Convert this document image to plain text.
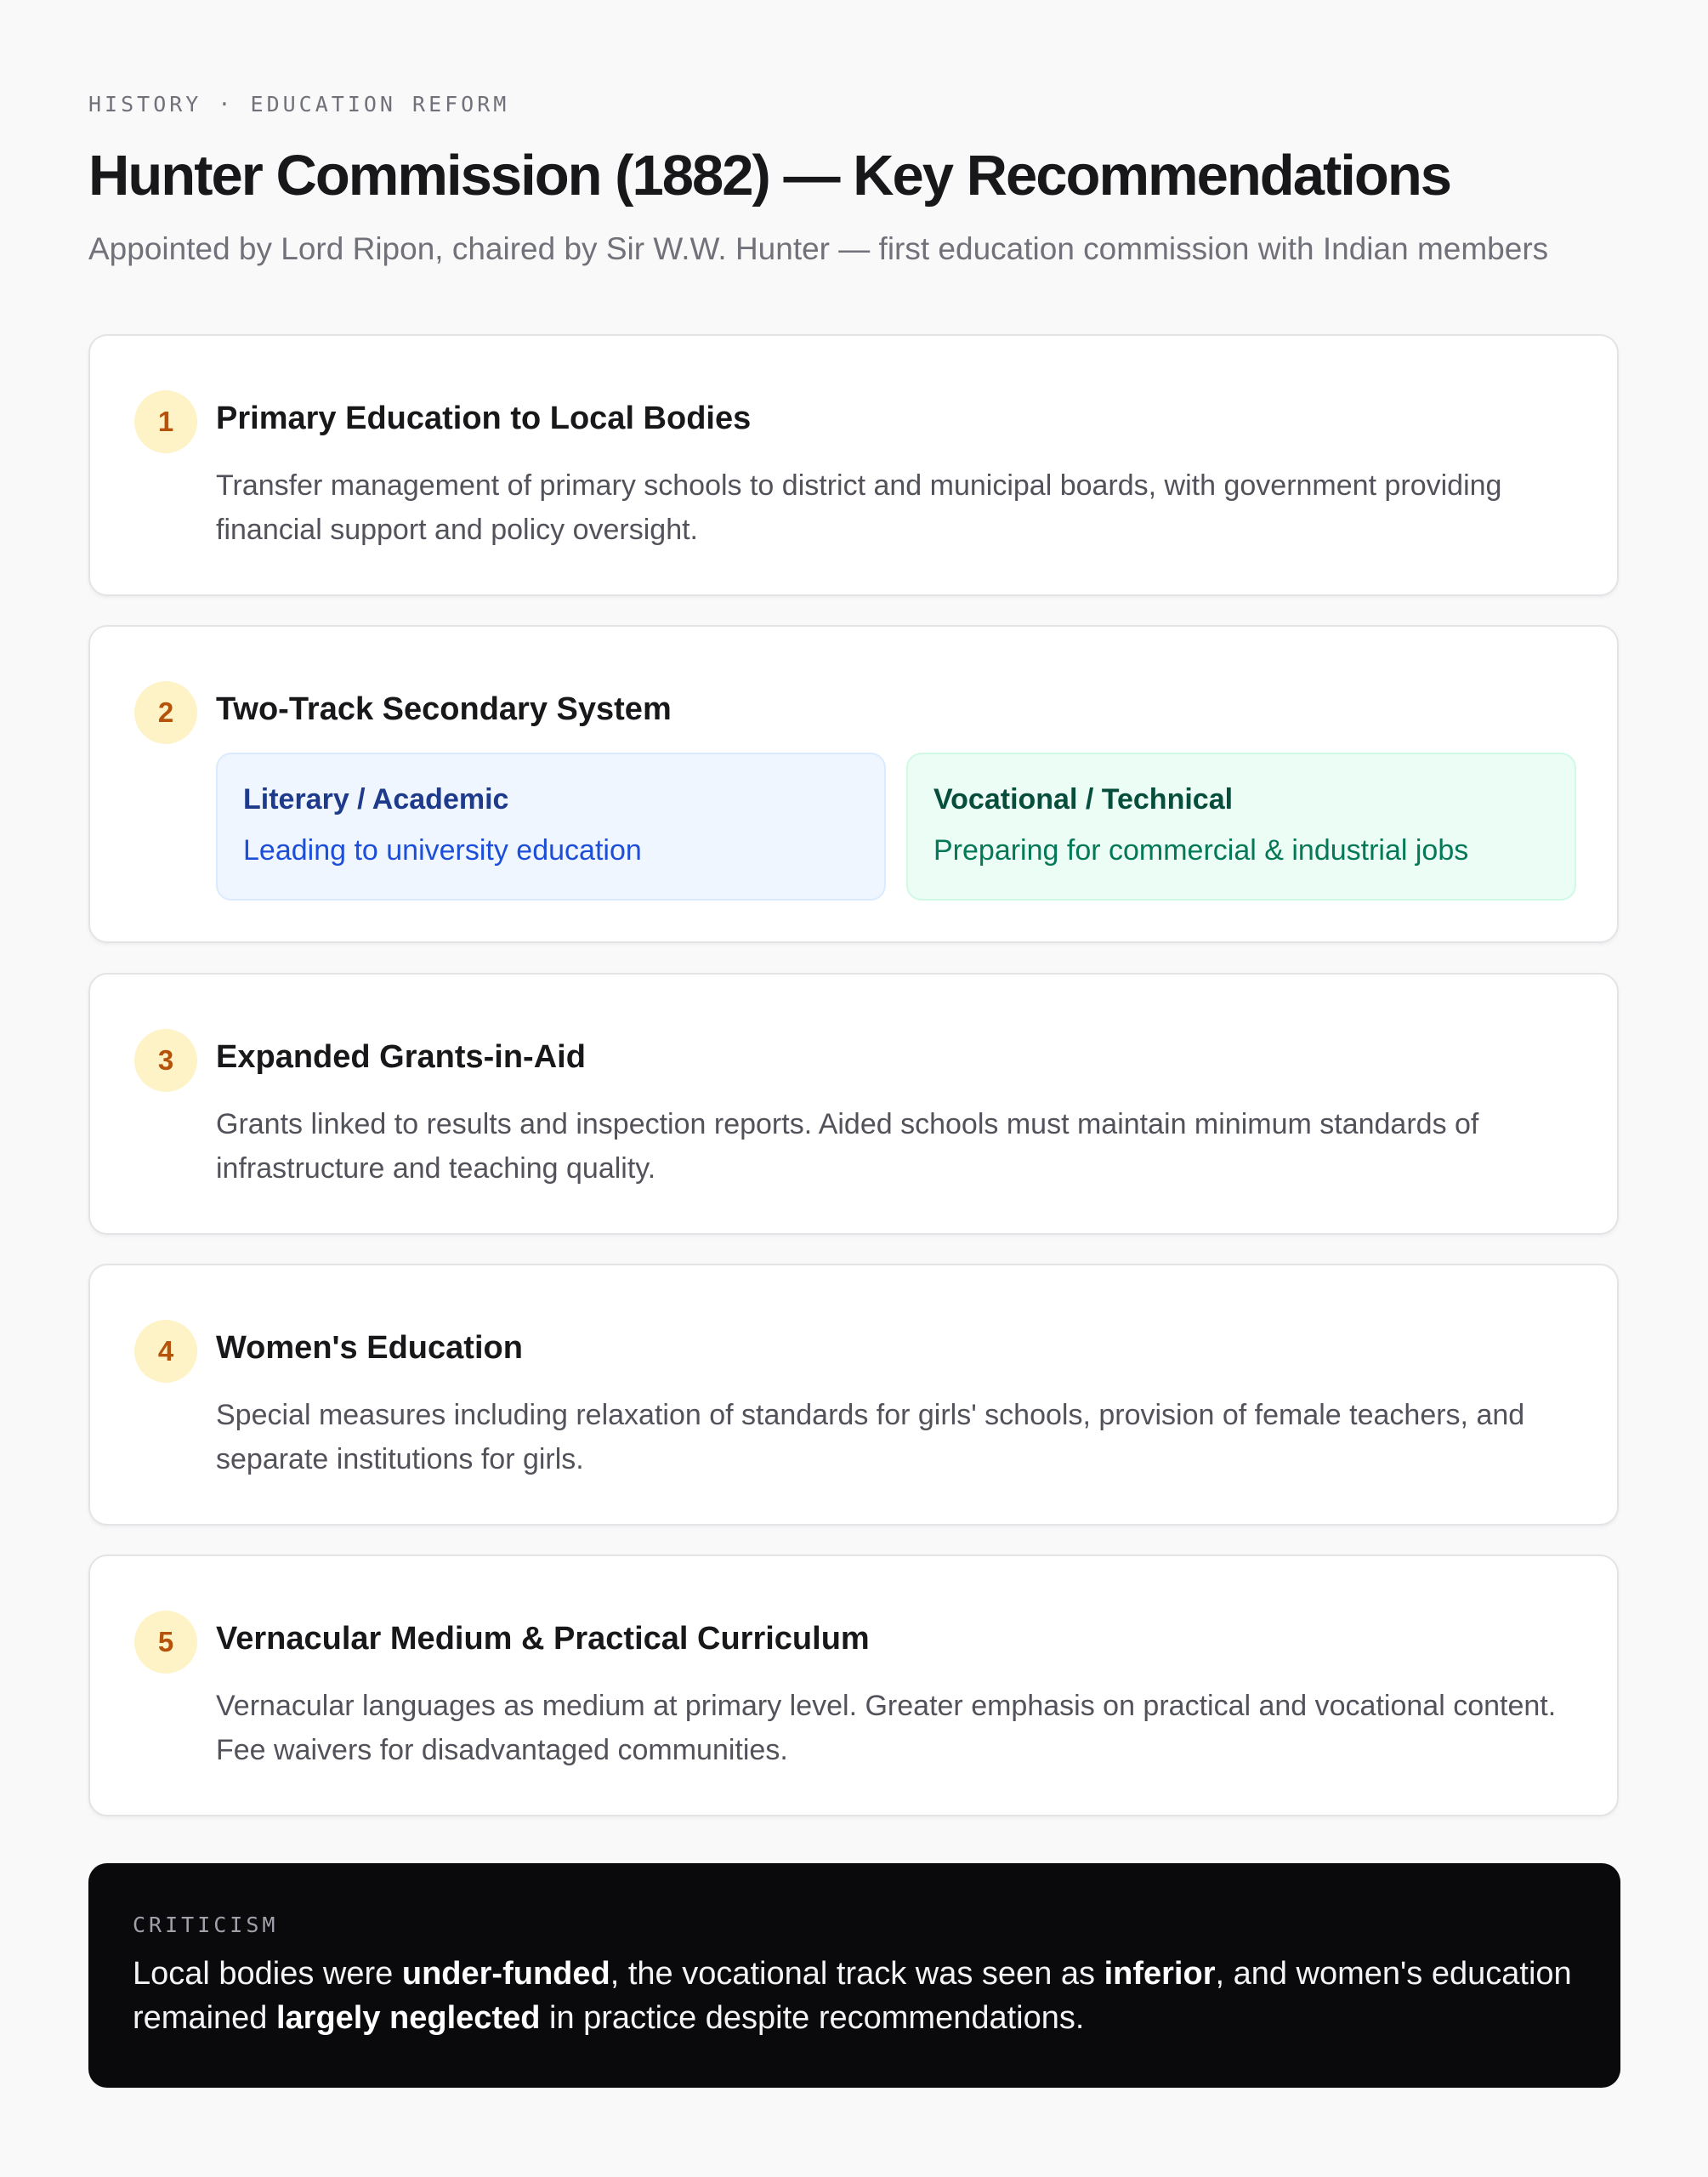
HISTORY · EDUCATION REFORM
Hunter Commission (1882) — Key Recommendations
Appointed by Lord Ripon, chaired by Sir W.W. Hunter — first education commission with Indian members
1	Primary Education to Local Bodies
Transfer management of primary schools to district and municipal boards, with government providing financial support and policy oversight.
2	Two-Track Secondary System
Literary / Academic
Leading to university education
Vocational / Technical
Preparing for commercial & industrial jobs
3	Expanded Grants-in-Aid
Grants linked to results and inspection reports. Aided schools must maintain minimum standards of infrastructure and teaching quality.
4	Women's Education
Special measures including relaxation of standards for girls' schools, provision of female teachers, and separate institutions for girls.
5	Vernacular Medium & Practical Curriculum
Vernacular languages as medium at primary level. Greater emphasis on practical and vocational content. Fee waivers for disadvantaged communities.
CRITICISM
Local bodies were under-funded, the vocational track was seen as inferior, and women's education remained largely neglected in practice despite recommendations.
